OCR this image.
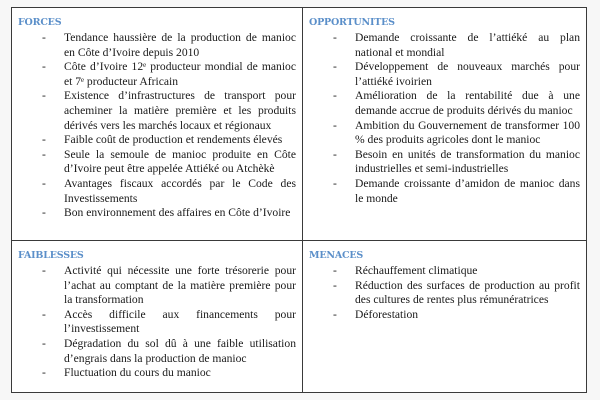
FORCES
- Tendance haussière de la production de manioc en Côte d’Ivoire depuis 2010
- Côte d’Ivoire 12ᵉ producteur mondial de manioc et 7ᵉ producteur Africain
- Existence d’infrastructures de transport pour acheminer la matière première et les produits dérivés vers les marchés locaux et régionaux
- Faible coût de production et rendements élevés
- Seule la semoule de manioc produite en Côte d’Ivoire peut être appelée Attiéké ou Atchèkè
- Avantages fiscaux accordés par le Code des Investissements
- Bon environnement des affaires en Côte d’Ivoire
OPPORTUNITES
- Demande croissante de l’attiéké au plan national et mondial
- Développement de nouveaux marchés pour l’attiéké ivoirien
- Amélioration de la rentabilité due à une demande accrue de produits dérivés du manioc
- Ambition du Gouvernement de transformer 100 % des produits agricoles dont le manioc
- Besoin en unités de transformation du manioc industrielles et semi-industrielles
- Demande croissante d’amidon de manioc dans le monde
FAIBLESSES
- Activité qui nécessite une forte trésorerie pour l’achat au comptant de la matière première pour la transformation
- Accès difficile aux financements pour l’investissement
- Dégradation du sol dû à une faible utilisation d’engrais dans la production de manioc
- Fluctuation du cours du manioc
MENACES
- Réchauffement climatique
- Réduction des surfaces de production au profit des cultures de rentes plus rémunératrices
- Déforestation
